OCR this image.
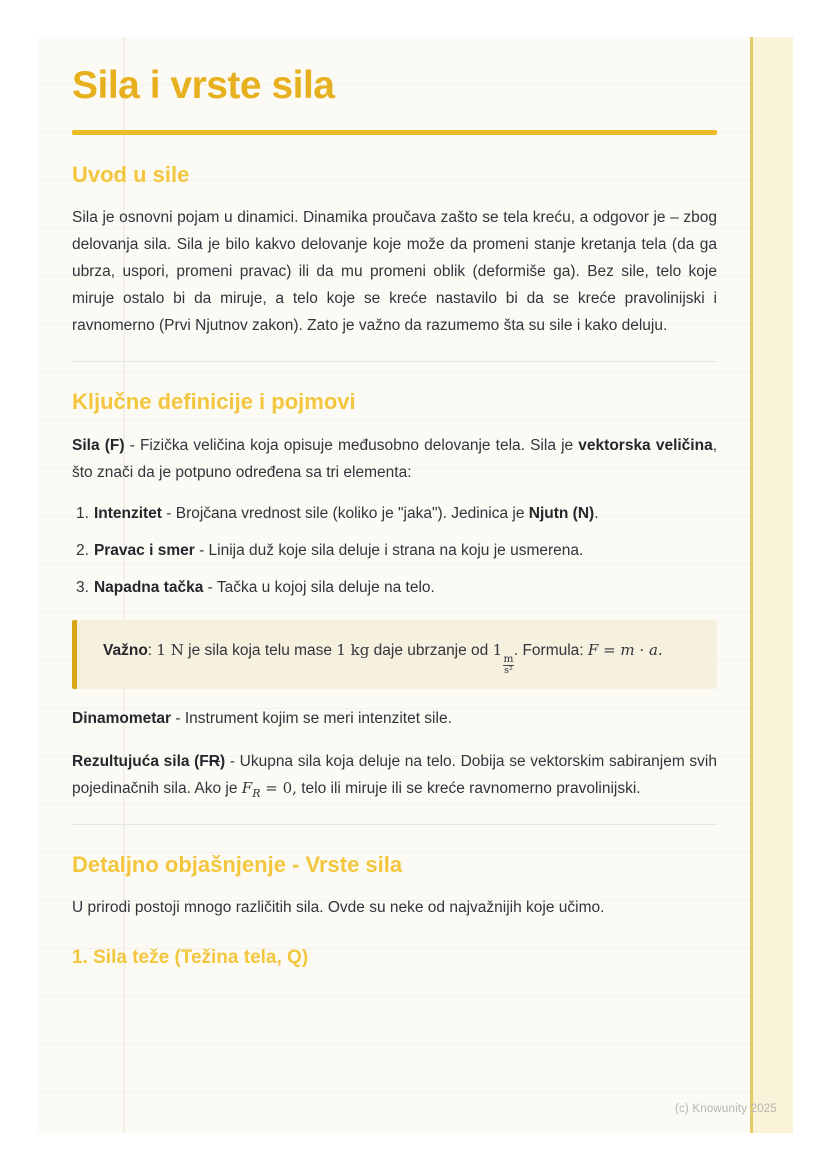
Sila i vrste sila
Uvod u sile

Sila je osnovni pojam u dinamici. Dinamika proučava zašto se tela kreću, a odgovor je – zbog delovanja sila. Sila je bilo kakvo delovanje koje može da promeni stanje kretanja tela (da ga ubrza, uspori, promeni pravac) ili da mu promeni oblik (deformiše ga). Bez sile, telo koje miruje ostalo bi da miruje, a telo koje se kreće nastavilo bi da se kreće pravolinijski i ravnomerno (Prvi Njutnov zakon). Zato je važno da razumemo šta su sile i kako deluju.

Ključne definicije i pojmovi

Sila (F) - Fizička veličina koja opisuje međusobno delovanje tela. Sila je vektorska veličina, što znači da je potpuno određena sa tri elementa:

1. Intenzitet - Brojčana vrednost sile (koliko je "jaka"). Jedinica je Njutn (N).
2. Pravac i smer - Linija duž koje sila deluje i strana na koju je usmerena.
3. Napadna tačka - Tačka u kojoj sila deluje na telo.
Važno: 1 N je sila koja telu mase 1 kg daje ubrzanje od 1
$\frac{m}{\text{s²}}$
. Formula: F = m · a.

Dinamometar - Instrument kojim se meri intenzitet sile.

Rezultujuća sila (FR) - Ukupna sila koja deluje na telo. Dobija se vektorskim sabiranjem svih pojedinačnih sila. Ako je $F_R = 0$, telo ili miruje ili se kreće ravnomerno pravolinijski.

Detaljno objašnjenje - Vrste sila

U prirodi postoji mnogo različitih sila. Ovde su neke od najvažnijih koje učimo.

1. Sila teže (Težina tela, Q)
(c) Knowunity 2025
